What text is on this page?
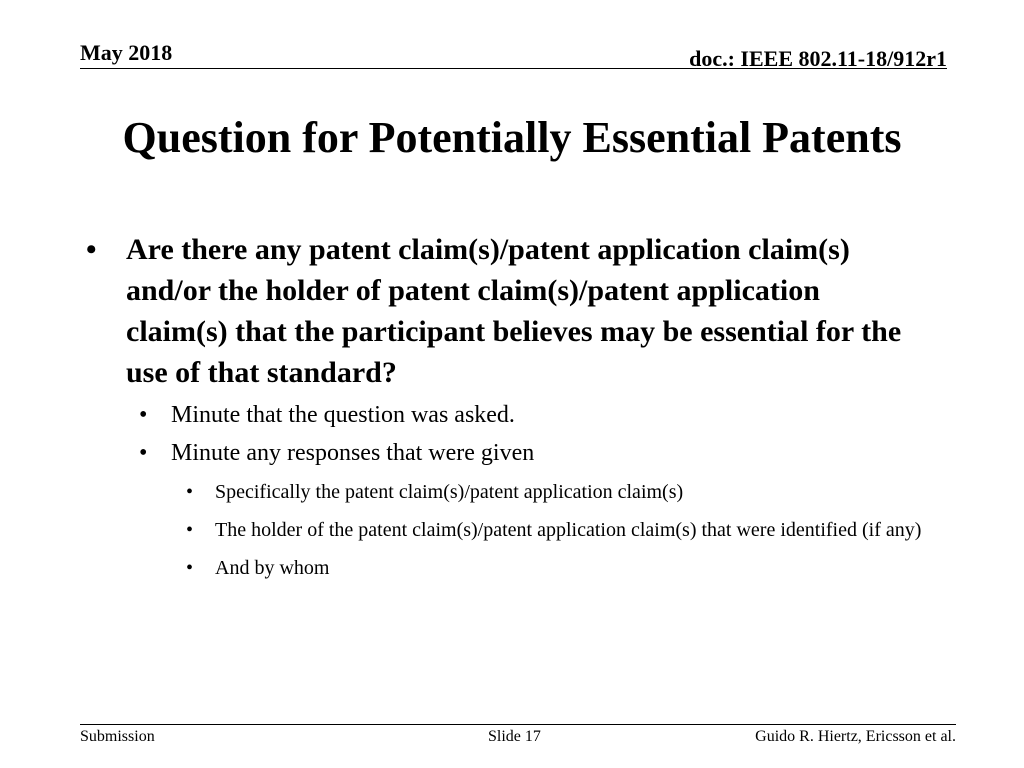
May 2018	doc.: IEEE 802.11-18/912r1
Question for Potentially Essential Patents
• Are there any patent claim(s)/patent application claim(s) and/or the holder of patent claim(s)/patent application claim(s) that the participant believes may be essential for the use of that standard?
• Minute that the question was asked.
• Minute any responses that were given
• Specifically the patent claim(s)/patent application claim(s)
• The holder of the patent claim(s)/patent application claim(s) that were identified (if any)
• And by whom
Submission	Slide 17	Guido R. Hiertz, Ericsson et al.
